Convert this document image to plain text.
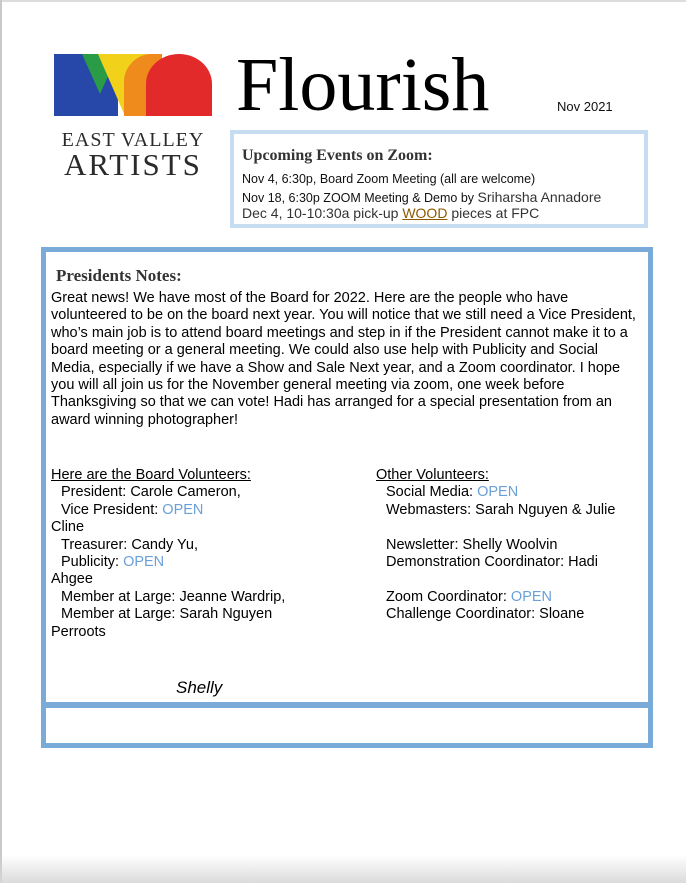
EAST VALLEY
ARTISTS
Flourish	Nov 2021
Upcoming Events on Zoom:
Nov 4, 6:30p, Board Zoom Meeting (all are welcome)
Nov 18, 6:30p ZOOM Meeting & Demo by Sriharsha Annadore
Dec 4, 10-10:30a pick-up WOOD pieces at FPC
Presidents Notes:
Great news! We have most of the Board for 2022. Here are the people who have volunteered to be on the board next year. You will notice that we still need a Vice President, who’s main job is to attend board meetings and step in if the President cannot make it to a board meeting or a general meeting. We could also use help with Publicity and Social Media, especially if we have a Show and Sale Next year, and a Zoom coordinator. I hope you will all join us for the November general meeting via zoom, one week before Thanksgiving so that we can vote! Hadi has arranged for a special presentation from an award winning photographer!
Here are the Board Volunteers:
President: Carole Cameron,
Vice President: OPEN
Cline
Treasurer: Candy Yu,
Publicity: OPEN
Ahgee
Member at Large: Jeanne Wardrip,
Member at Large: Sarah Nguyen
Perroots
Other Volunteers:
Social Media: OPEN
Webmasters: Sarah Nguyen & Julie

Newsletter: Shelly Woolvin
Demonstration Coordinator: Hadi

Zoom Coordinator: OPEN
Challenge Coordinator: Sloane
Shelly
